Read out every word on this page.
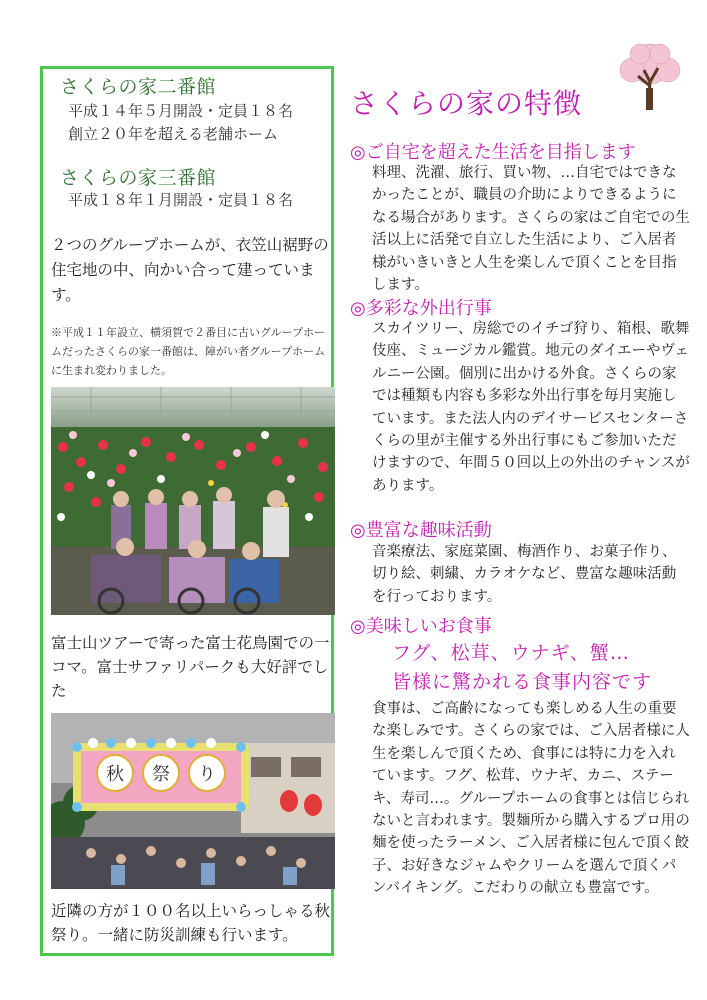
さくらの家二番館
平成１４年５月開設・定員１８名
創立２０年を超える老舗ホーム
さくらの家三番館
平成１８年１月開設・定員１８名
２つのグループホームが、衣笠山裾野の住宅地の中、向かい合って建っています。
※平成１１年設立、横須賀で２番目に古いグループホームだったさくらの家一番館は、障がい者グループホームに生まれ変わりました。
富士山ツアーで寄った富士花鳥園での一コマ。富士サファリパークも大好評でした
秋 祭 り
近隣の方が１００名以上いらっしゃる秋祭り。一緒に防災訓練も行います。
さくらの家の特徴
◎ご自宅を超えた生活を目指します
料理、洗濯、旅行、買い物、…自宅ではできなかったことが、職員の介助によりできるようになる場合があります。さくらの家はご自宅での生活以上に活発で自立した生活により、ご入居者様がいきいきと人生を楽しんで頂くことを目指します。
◎多彩な外出行事
スカイツリー、房総でのイチゴ狩り、箱根、歌舞伎座、ミュージカル鑑賞。地元のダイエーやヴェルニー公園。個別に出かける外食。さくらの家では種類も内容も多彩な外出行事を毎月実施しています。また法人内のデイサービスセンターさくらの里が主催する外出行事にもご参加いただけますので、年間５０回以上の外出のチャンスがあります。
◎豊富な趣味活動
音楽療法、家庭菜園、梅酒作り、お菓子作り、切り絵、刺繍、カラオケなど、豊富な趣味活動を行っております。
◎美味しいお食事
フグ、松茸、ウナギ、蟹…
皆様に驚かれる食事内容です
食事は、ご高齢になっても楽しめる人生の重要な楽しみです。さくらの家では、ご入居者様に人生を楽しんで頂くため、食事には特に力を入れています。フグ、松茸、ウナギ、カニ、ステーキ、寿司…。グループホームの食事とは信じられないと言われます。製麺所から購入するプロ用の麺を使ったラーメン、ご入居者様に包んで頂く餃子、お好きなジャムやクリームを選んで頂くパンバイキング。こだわりの献立も豊富です。
